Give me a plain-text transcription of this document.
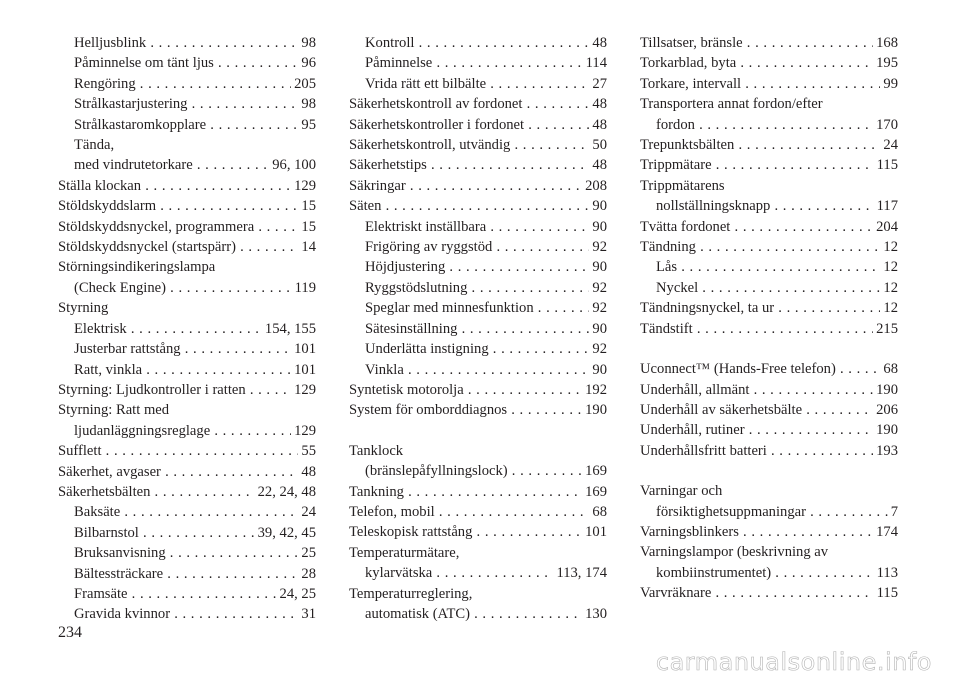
98
Helljusblink . . .
96
Påminnelse om tänt ljus . . .
205
Rengöring . . .
98
Strålkastarjustering . . .
95
Strålkastaromkopplare . . .
Tända,
96, 100
med vindrutetorkare . . .
129
Ställa klockan . . .
15
Stöldskyddslarm . . .
15
Stöldskyddsnyckel, programmera . . .
14
Stöldskyddsnyckel (startspärr) . . .
Störningsindikeringslampa
119
(Check Engine) . . .
Styrning
154, 155
Elektrisk . . .
101
Justerbar rattstång . . .
101
Ratt, vinkla . . .
129
Styrning: Ljudkontroller i ratten . . .
Styrning: Ratt med
129
ljudanläggningsreglage . . .
55
Sufflett . . .
48
Säkerhet, avgaser . . .
22, 24, 48
Säkerhetsbälten . . .
24
Baksäte . . .
39, 42, 45
Bilbarnstol . . .
25
Bruksanvisning . . .
28
Bältessträckare . . .
24, 25
Framsäte . . .
31
Gravida kvinnor . . .
48
Kontroll . . .
114
Påminnelse . . .
27
Vrida rätt ett bilbälte . . .
48
Säkerhetskontroll av fordonet . . .
48
Säkerhetskontroller i fordonet . . .
50
Säkerhetskontroll, utvändig . . .
48
Säkerhetstips . . .
208
Säkringar . . .
90
Säten . . .
90
Elektriskt inställbara . . .
92
Frigöring av ryggstöd . . .
90
Höjdjustering . . .
92
Ryggstödslutning . . .
92
Speglar med minnesfunktion . . .
90
Sätesinställning . . .
92
Underlätta instigning . . .
90
Vinkla . . .
192
Syntetisk motorolja . . .
190
System för omborddiagnos . . .
Tanklock
169
(bränslepåfyllningslock) . . .
169
Tankning . . .
68
Telefon, mobil . . .
101
Teleskopisk rattstång . . .
Temperaturmätare,
113, 174
kylarvätska . . .
Temperaturreglering,
130
automatisk (ATC) . . .
168
Tillsatser, bränsle . . .
195
Torkarblad, byta . . .
99
Torkare, intervall . . .
Transportera annat fordon/efter
170
fordon . . .
24
Trepunktsbälten . . .
115
Trippmätare . . .
Trippmätarens
117
nollställningsknapp . . .
204
Tvätta fordonet . . .
12
Tändning . . .
12
Lås . . .
12
Nyckel . . .
12
Tändningsnyckel, ta ur . . .
215
Tändstift . . .
68
Uconnect™ (Hands-Free telefon) . . .
190
Underhåll, allmänt . . .
206
Underhåll av säkerhetsbälte . . .
190
Underhåll, rutiner . . .
193
Underhållsfritt batteri . . .
Varningar och
7
försiktighetsuppmaningar . . .
174
Varningsblinkers . . .
Varningslampor (beskrivning av
113
kombiinstrumentet) . . .
115
Varvräknare . . .
234
carmanualsonline.info
